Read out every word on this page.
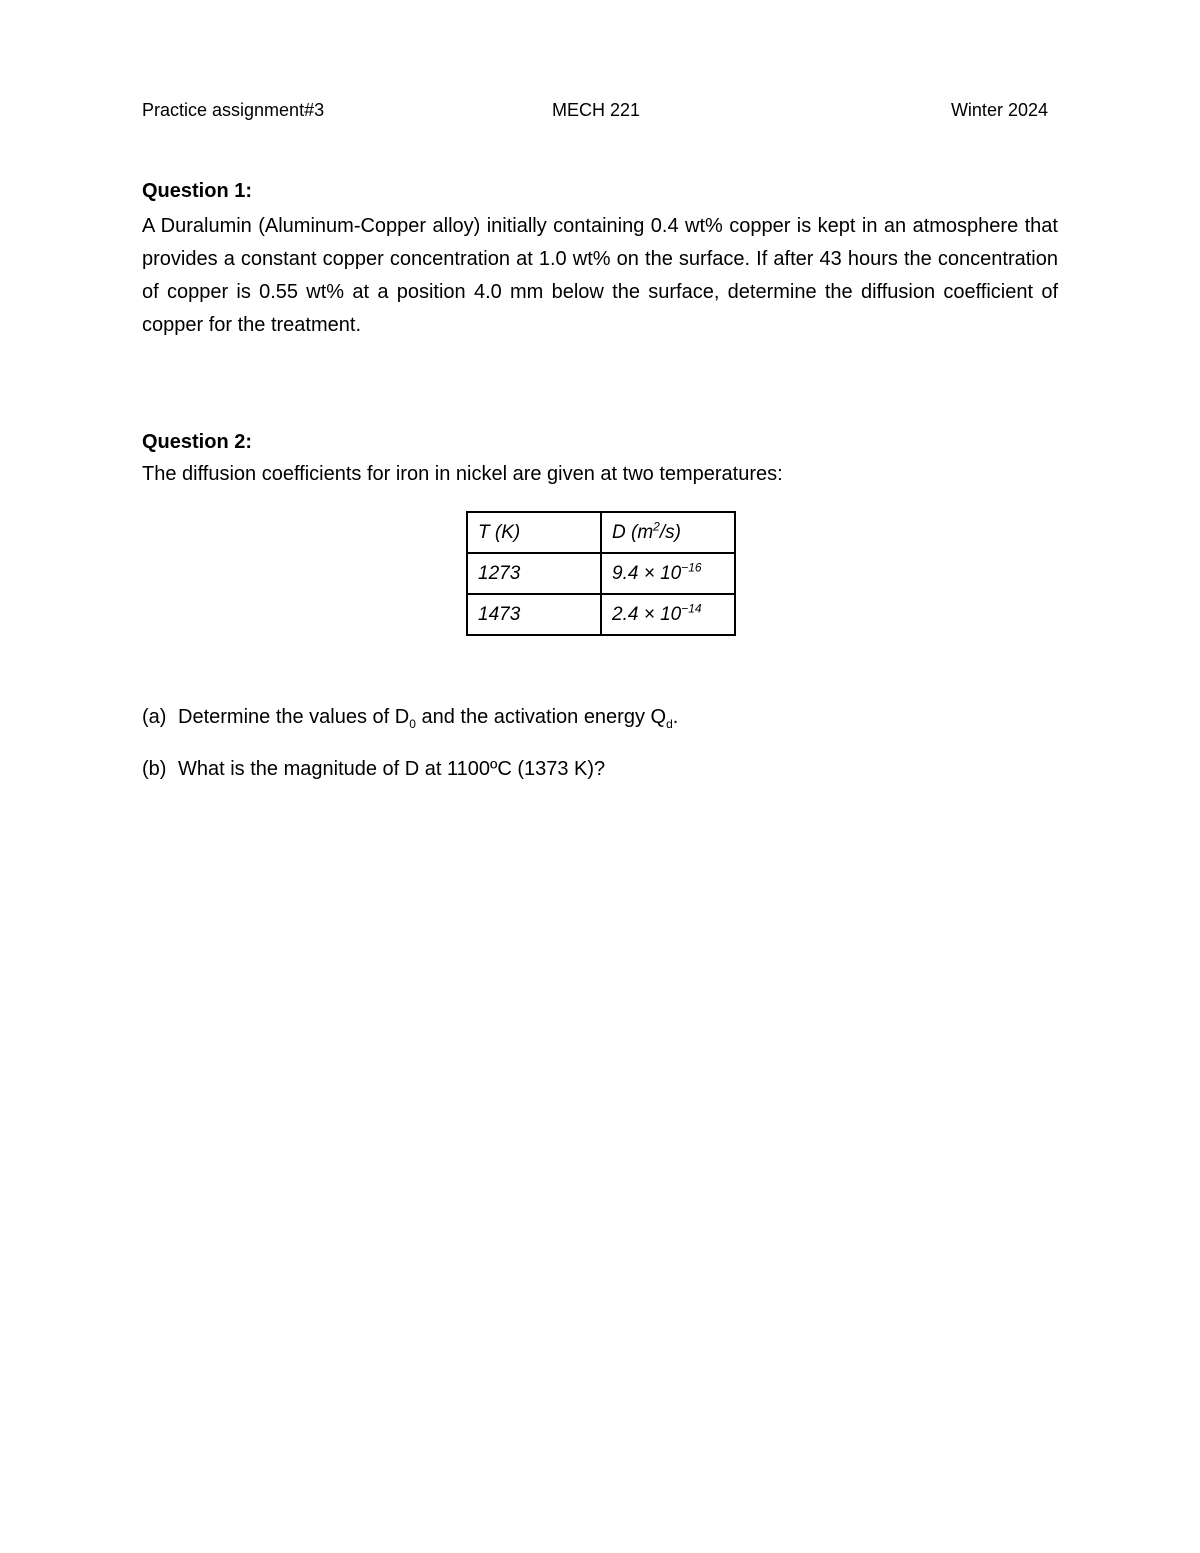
Practice assignment#3	MECH 221	Winter 2024
Question 1:
A Duralumin (Aluminum-Copper alloy) initially containing 0.4 wt% copper is kept in an atmosphere that provides a constant copper concentration at 1.0 wt% on the surface. If after 43 hours the concentration of copper is 0.55 wt% at a position 4.0 mm below the surface, determine the diffusion coefficient of copper for the treatment.
Question 2:
The diffusion coefficients for iron in nickel are given at two temperatures:
T (K)	D $(m^2/s)$
1273	$9.4 \times 10^{-16}$
1473	$2.4 \times 10^{-14}$
(a) Determine the values of $D_0$ and the activation energy $Q_d$.
(b) What is the magnitude of D at 1100ºC (1373 K)?
